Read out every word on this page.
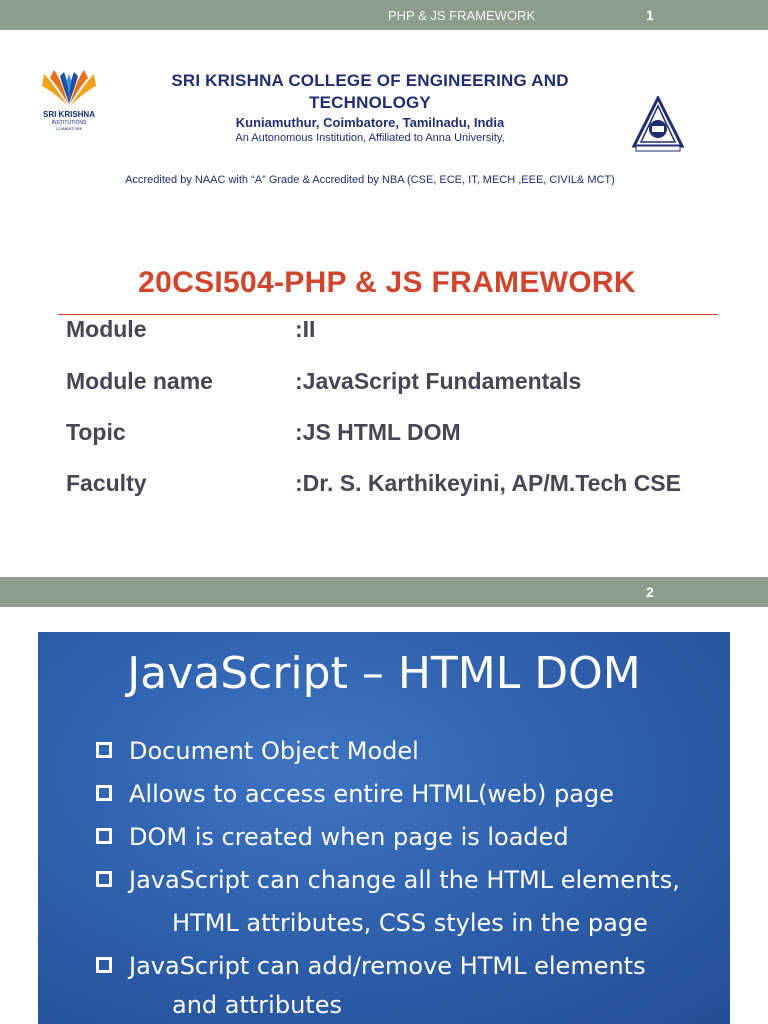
PHP & JS FRAMEWORK	1
SRI KRISHNA
INSTITUTIONS
COIMBATORE
SRI KRISHNA COLLEGE OF ENGINEERING AND
TECHNOLOGY
Kuniamuthur, Coimbatore, Tamilnadu, India
An Autonomous Institution, Affiliated to Anna University,
Accredited by NAAC with “A” Grade & Accredited by NBA (CSE, ECE, IT, MECH ,EEE, CIVIL& MCT)
20CSI504-PHP & JS FRAMEWORK
Module	:II
Module name	:JavaScript Fundamentals
Topic	:JS HTML DOM
Faculty	:Dr. S. Karthikeyini, AP/M.Tech CSE
2
JavaScript – HTML DOM
Document Object Model
Allows to access entire HTML(web) page
DOM is created when page is loaded
JavaScript can change all the HTML elements,
HTML attributes, CSS styles in the page
JavaScript can add/remove HTML elements
and attributes
